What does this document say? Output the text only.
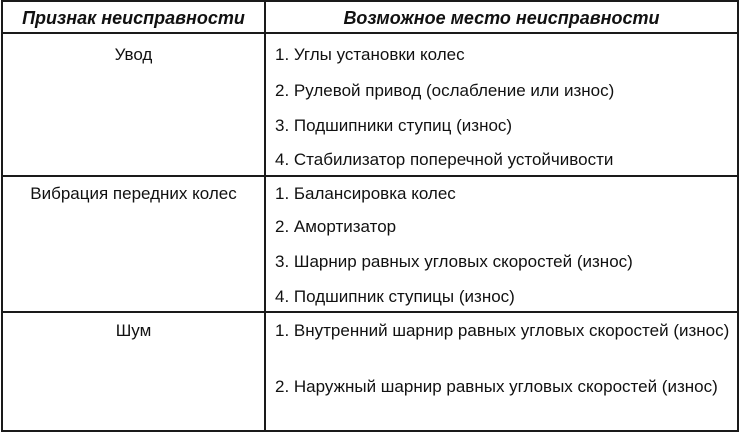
Признак неисправности	Возможное место неисправности
Увод	1. Углы установки колес
2. Рулевой привод (ослабление или износ)
3. Подшипники ступиц (износ)
4. Стабилизатор поперечной устойчивости
Вибрация передних колес	1. Балансировка колес
2. Амортизатор
3. Шарнир равных угловых скоростей (износ)
4. Подшипник ступицы (износ)
Шум	1. Внутренний шарнир равных угловых скоростей (износ)
2. Наружный шарнир равных угловых скоростей (износ)
